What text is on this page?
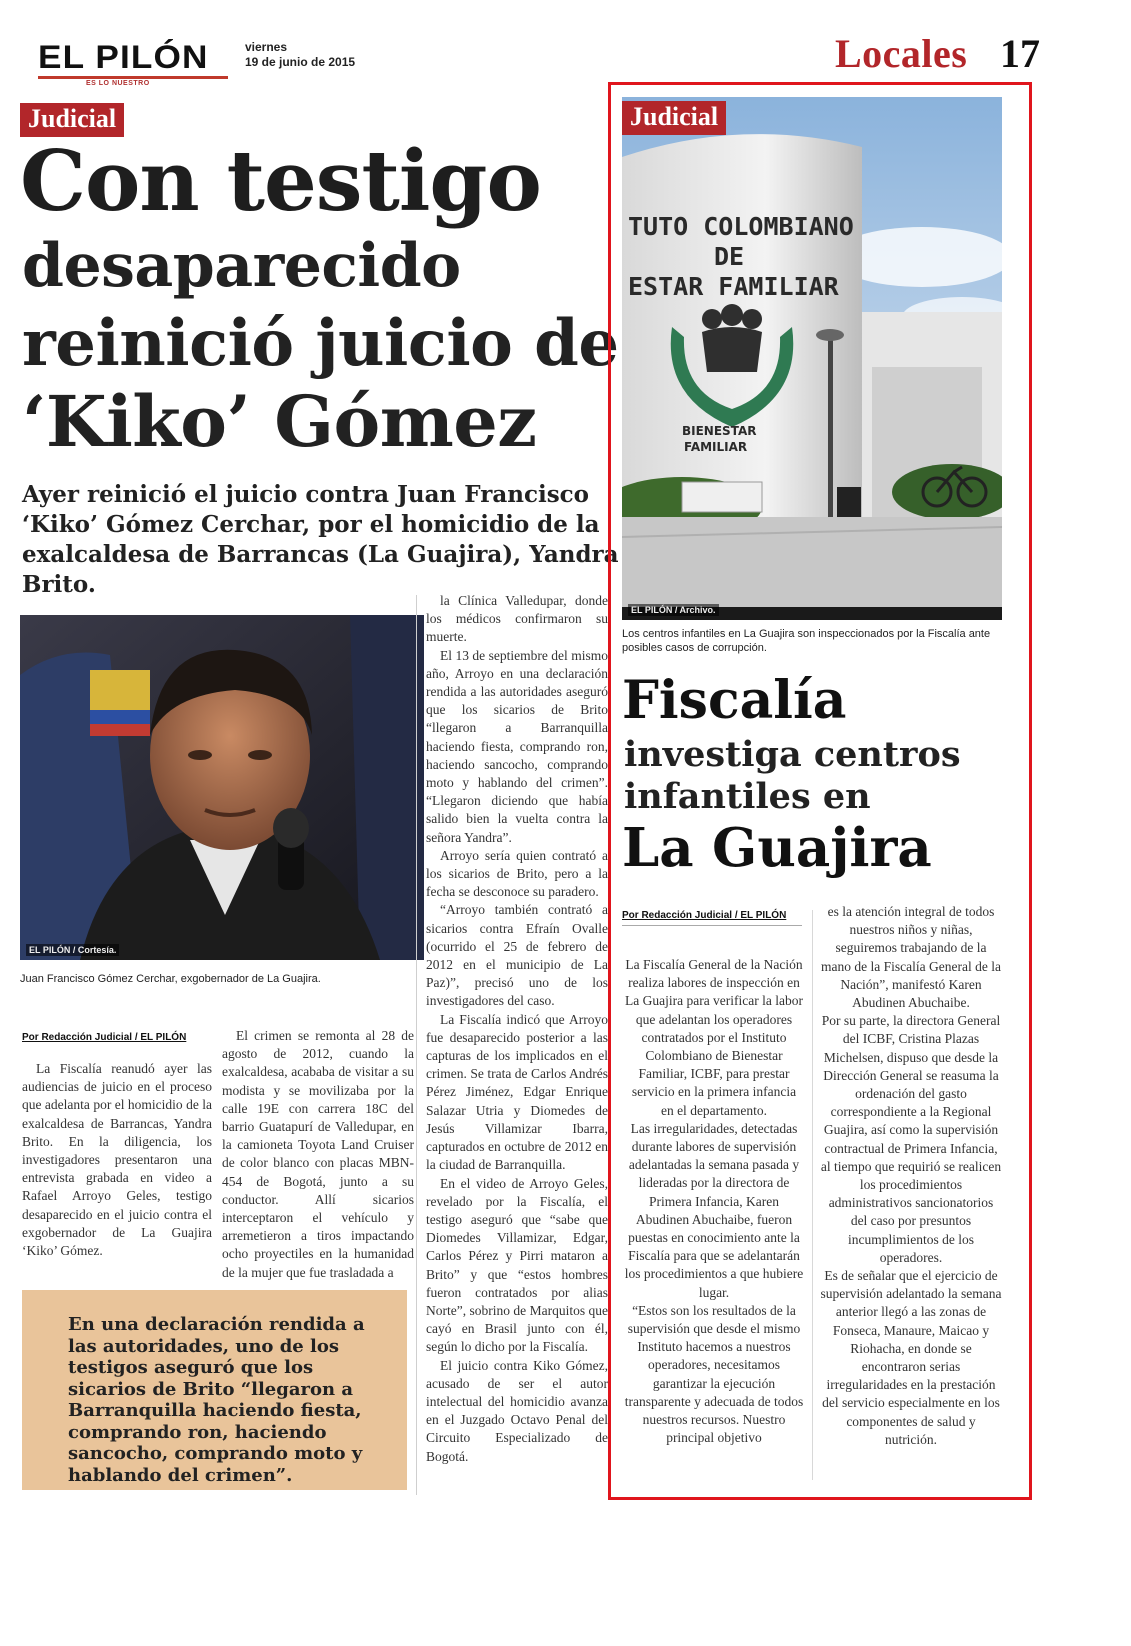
EL PILÓN
ES LO NUESTRO
viernes
19 de junio de 2015	Locales 17
Judicial
Con testigo
desaparecido
reinició juicio de
‘Kiko’ Gómez
Ayer reinició el juicio contra Juan Francisco ‘Kiko’ Gómez Cerchar, por el homicidio de la exalcaldesa de Barrancas (La Guajira), Yandra Brito.
EL PILÓN / Cortesía.
Juan Francisco Gómez Cerchar, exgobernador de La Guajira.
Por Redacción Judicial / EL PILÓN

La Fiscalía reanudó ayer las audiencias de juicio en el proceso que adelanta por el homicidio de la exalcaldesa de Barrancas, Yandra Brito. En la diligencia, los investigadores presentaron una entrevista grabada en video a Rafael Arroyo Geles, testigo desaparecido en el juicio contra el exgobernador de La Guajira ‘Kiko’ Gómez.

El crimen se remonta al 28 de agosto de 2012, cuando la exalcaldesa, acababa de visitar a su modista y se movilizaba por la calle 19E con carrera 18C del barrio Guatapurí de Valledupar, en la camioneta Toyota Land Cruiser de color blanco con placas MBN-454 de Bogotá, junto a su conductor. Allí sicarios interceptaron el vehículo y arremetieron a tiros impactando ocho proyectiles en la humanidad de la mujer que fue trasladada a

la Clínica Valledupar, donde los médicos confirmaron su muerte.

El 13 de septiembre del mismo año, Arroyo en una declaración rendida a las autoridades aseguró que los sicarios de Brito “llegaron a Barranquilla haciendo fiesta, comprando ron, haciendo sancocho, comprando moto y hablando del crimen”. “Llegaron diciendo que había salido bien la vuelta contra la señora Yandra”.

Arroyo sería quien contrató a los sicarios de Brito, pero a la fecha se desconoce su paradero.

“Arroyo también contrató a sicarios contra Efraín Ovalle (ocurrido el 25 de febrero de 2012 en el municipio de La Paz)”, precisó uno de los investigadores del caso.

La Fiscalía indicó que Arroyo fue desaparecido posterior a las capturas de los implicados en el crimen. Se trata de Carlos Andrés Pérez Jiménez, Edgar Enrique Salazar Utria y Diomedes de Jesús Villamizar Ibarra, capturados en octubre de 2012 en la ciudad de Barranquilla.

En el video de Arroyo Geles, revelado por la Fiscalía, el testigo aseguró que “sabe que Diomedes Villamizar, Edgar, Carlos Pérez y Pirri mataron a Brito” y que “estos hombres fueron contratados por alias Norte”, sobrino de Marquitos que cayó en Brasil junto con él, según lo dicho por la Fiscalía.

El juicio contra Kiko Gómez, acusado de ser el autor intelectual del homicidio avanza en el Juzgado Octavo Penal del Circuito Especializado de Bogotá.

En una declaración rendida a las autoridades, uno de los testigos aseguró que los sicarios de Brito “llegaron a Barranquilla haciendo fiesta, comprando ron, haciendo sancocho, comprando moto y hablando del crimen”.

TUTO COLOMBIANO
DE
ESTAR FAMILIAR
BIENESTAR
FAMILIAR
EL PILÓN / Archivo.
Judicial
Los centros infantiles en La Guajira son inspeccionados por la Fiscalía ante posibles casos de corrupción.
Fiscalía
investiga centros
infantiles en
La Guajira
Por Redacción Judicial / EL PILÓN

La Fiscalía General de la Nación realiza labores de inspección en La Guajira para verificar la labor que adelantan los operadores contratados por el Instituto Colombiano de Bienestar Familiar, ICBF, para prestar servicio en la primera infancia en el departamento.

Las irregularidades, detectadas durante labores de supervisión adelantadas la semana pasada y lideradas por la directora de Primera Infancia, Karen Abudinen Abuchaibe, fueron puestas en conocimiento ante la Fiscalía para que se adelantarán los procedimientos a que hubiere lugar.

“Estos son los resultados de la supervisión que desde el mismo Instituto hacemos a nuestros operadores, necesitamos garantizar la ejecución transparente y adecuada de todos nuestros recursos. Nuestro principal objetivo

es la atención integral de todos nuestros niños y niñas, seguiremos trabajando de la mano de la Fiscalía General de la Nación”, manifestó Karen Abudinen Abuchaibe.

Por su parte, la directora General del ICBF, Cristina Plazas Michelsen, dispuso que desde la Dirección General se reasuma la ordenación del gasto correspondiente a la Regional Guajira, así como la supervisión contractual de Primera Infancia, al tiempo que requirió se realicen los procedimientos administrativos sancionatorios del caso por presuntos incumplimientos de los operadores.

Es de señalar que el ejercicio de supervisión adelantado la semana anterior llegó a las zonas de Fonseca, Manaure, Maicao y Riohacha, en donde se encontraron serias irregularidades en la prestación del servicio especialmente en los componentes de salud y nutrición.
